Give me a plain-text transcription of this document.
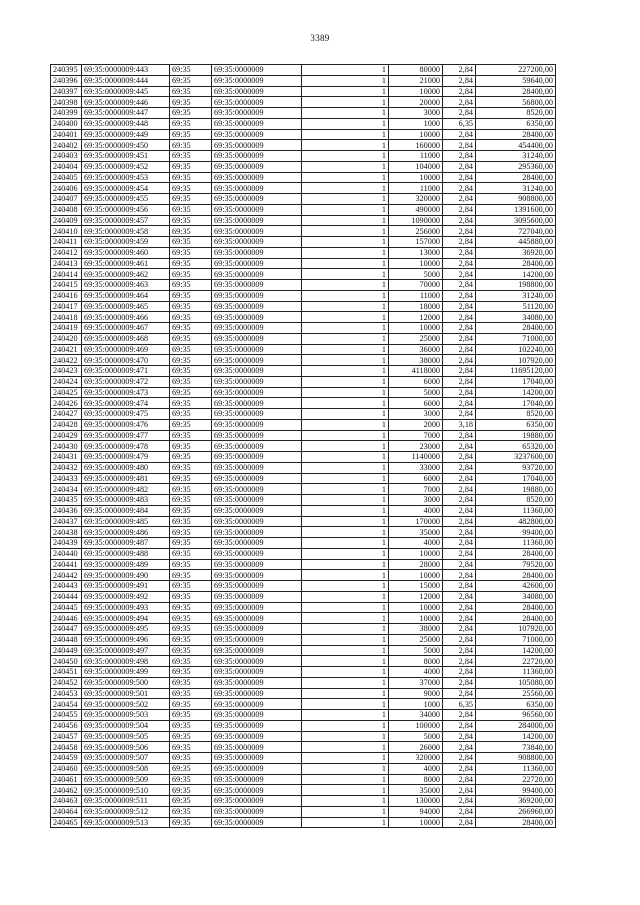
3389
240395	69:35:0000009:443	69:35	69:35:0000009	1	80000	2,84	227200,00
240396	69:35:0000009:444	69:35	69:35:0000009	1	21000	2,84	59640,00
240397	69:35:0000009:445	69:35	69:35:0000009	1	10000	2,84	28400,00
240398	69:35:0000009:446	69:35	69:35:0000009	1	20000	2,84	56800,00
240399	69:35:0000009:447	69:35	69:35:0000009	1	3000	2,84	8520,00
240400	69:35:0000009:448	69:35	69:35:0000009	1	1000	6,35	6350,00
240401	69:35:0000009:449	69:35	69:35:0000009	1	10000	2,84	28400,00
240402	69:35:0000009:450	69:35	69:35:0000009	1	160000	2,84	454400,00
240403	69:35:0000009:451	69:35	69:35:0000009	1	11000	2,84	31240,00
240404	69:35:0000009:452	69:35	69:35:0000009	1	104000	2,84	295360,00
240405	69:35:0000009:453	69:35	69:35:0000009	1	10000	2,84	28400,00
240406	69:35:0000009:454	69:35	69:35:0000009	1	11000	2,84	31240,00
240407	69:35:0000009:455	69:35	69:35:0000009	1	320000	2,84	908800,00
240408	69:35:0000009:456	69:35	69:35:0000009	1	490000	2,84	1391600,00
240409	69:35:0000009:457	69:35	69:35:0000009	1	1090000	2,84	3095600,00
240410	69:35:0000009:458	69:35	69:35:0000009	1	256000	2,84	727040,00
240411	69:35:0000009:459	69:35	69:35:0000009	1	157000	2,84	445880,00
240412	69:35:0000009:460	69:35	69:35:0000009	1	13000	2,84	36920,00
240413	69:35:0000009:461	69:35	69:35:0000009	1	10000	2,84	28400,00
240414	69:35:0000009:462	69:35	69:35:0000009	1	5000	2,84	14200,00
240415	69:35:0000009:463	69:35	69:35:0000009	1	70000	2,84	198800,00
240416	69:35:0000009:464	69:35	69:35:0000009	1	11000	2,84	31240,00
240417	69:35:0000009:465	69:35	69:35:0000009	1	18000	2,84	51120,00
240418	69:35:0000009:466	69:35	69:35:0000009	1	12000	2,84	34080,00
240419	69:35:0000009:467	69:35	69:35:0000009	1	10000	2,84	28400,00
240420	69:35:0000009:468	69:35	69:35:0000009	1	25000	2,84	71000,00
240421	69:35:0000009:469	69:35	69:35:0000009	1	36000	2,84	102240,00
240422	69:35:0000009:470	69:35	69:35:0000009	1	38000	2,84	107920,00
240423	69:35:0000009:471	69:35	69:35:0000009	1	4118000	2,84	11695120,00
240424	69:35:0000009:472	69:35	69:35:0000009	1	6000	2,84	17040,00
240425	69:35:0000009:473	69:35	69:35:0000009	1	5000	2,84	14200,00
240426	69:35:0000009:474	69:35	69:35:0000009	1	6000	2,84	17040,00
240427	69:35:0000009:475	69:35	69:35:0000009	1	3000	2,84	8520,00
240428	69:35:0000009:476	69:35	69:35:0000009	1	2000	3,18	6350,00
240429	69:35:0000009:477	69:35	69:35:0000009	1	7000	2,84	19880,00
240430	69:35:0000009:478	69:35	69:35:0000009	1	23000	2,84	65320,00
240431	69:35:0000009:479	69:35	69:35:0000009	1	1140000	2,84	3237600,00
240432	69:35:0000009:480	69:35	69:35:0000009	1	33000	2,84	93720,00
240433	69:35:0000009:481	69:35	69:35:0000009	1	6000	2,84	17040,00
240434	69:35:0000009:482	69:35	69:35:0000009	1	7000	2,84	19880,00
240435	69:35:0000009:483	69:35	69:35:0000009	1	3000	2,84	8520,00
240436	69:35:0000009:484	69:35	69:35:0000009	1	4000	2,84	11360,00
240437	69:35:0000009:485	69:35	69:35:0000009	1	170000	2,84	482800,00
240438	69:35:0000009:486	69:35	69:35:0000009	1	35000	2,84	99400,00
240439	69:35:0000009:487	69:35	69:35:0000009	1	4000	2,84	11360,00
240440	69:35:0000009:488	69:35	69:35:0000009	1	10000	2,84	28400,00
240441	69:35:0000009:489	69:35	69:35:0000009	1	28000	2,84	79520,00
240442	69:35:0000009:490	69:35	69:35:0000009	1	10000	2,84	28400,00
240443	69:35:0000009:491	69:35	69:35:0000009	1	15000	2,84	42600,00
240444	69:35:0000009:492	69:35	69:35:0000009	1	12000	2,84	34080,00
240445	69:35:0000009:493	69:35	69:35:0000009	1	10000	2,84	28400,00
240446	69:35:0000009:494	69:35	69:35:0000009	1	10000	2,84	28400,00
240447	69:35:0000009:495	69:35	69:35:0000009	1	38000	2,84	107920,00
240448	69:35:0000009:496	69:35	69:35:0000009	1	25000	2,84	71000,00
240449	69:35:0000009:497	69:35	69:35:0000009	1	5000	2,84	14200,00
240450	69:35:0000009:498	69:35	69:35:0000009	1	8000	2,84	22720,00
240451	69:35:0000009:499	69:35	69:35:0000009	1	4000	2,84	11360,00
240452	69:35:0000009:500	69:35	69:35:0000009	1	37000	2,84	105080,00
240453	69:35:0000009:501	69:35	69:35:0000009	1	9000	2,84	25560,00
240454	69:35:0000009:502	69:35	69:35:0000009	1	1000	6,35	6350,00
240455	69:35:0000009:503	69:35	69:35:0000009	1	34000	2,84	96560,00
240456	69:35:0000009:504	69:35	69:35:0000009	1	100000	2,84	284000,00
240457	69:35:0000009:505	69:35	69:35:0000009	1	5000	2,84	14200,00
240458	69:35:0000009:506	69:35	69:35:0000009	1	26000	2,84	73840,00
240459	69:35:0000009:507	69:35	69:35:0000009	1	320000	2,84	908800,00
240460	69:35:0000009:508	69:35	69:35:0000009	1	4000	2,84	11360,00
240461	69:35:0000009:509	69:35	69:35:0000009	1	8000	2,84	22720,00
240462	69:35:0000009:510	69:35	69:35:0000009	1	35000	2,84	99400,00
240463	69:35:0000009:511	69:35	69:35:0000009	1	130000	2,84	369200,00
240464	69:35:0000009:512	69:35	69:35:0000009	1	94000	2,84	266960,00
240465	69:35:0000009:513	69:35	69:35:0000009	1	10000	2,84	28400,00
